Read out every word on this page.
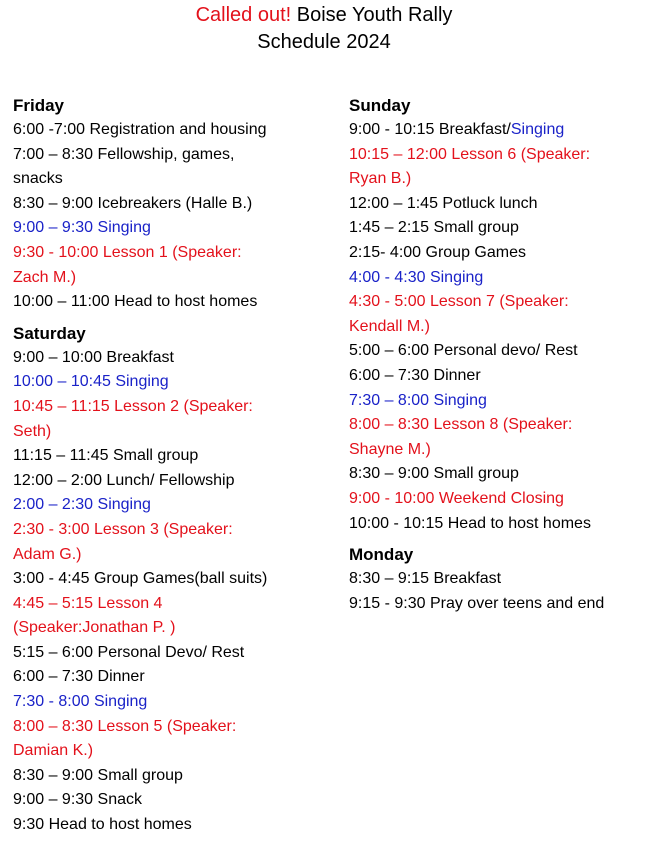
Called out! Boise Youth Rally
Schedule 2024
Friday
6:00 -7:00 Registration and housing
7:00 – 8:30 Fellowship, games,
snacks
8:30 – 9:00 Icebreakers (Halle B.)
9:00 – 9:30 Singing
9:30 - 10:00 Lesson 1 (Speaker:
Zach M.)
10:00 – 11:00 Head to host homes
Saturday
9:00 – 10:00 Breakfast
10:00 – 10:45 Singing
10:45 – 11:15 Lesson 2 (Speaker:
Seth)
11:15 – 11:45 Small group
12:00 – 2:00 Lunch/ Fellowship
2:00 – 2:30 Singing
2:30 - 3:00 Lesson 3 (Speaker:
Adam G.)
3:00 - 4:45 Group Games(ball suits)
4:45 – 5:15 Lesson 4
(Speaker:Jonathan P. )
5:15 – 6:00 Personal Devo/ Rest
6:00 – 7:30 Dinner
7:30 - 8:00 Singing
8:00 – 8:30 Lesson 5 (Speaker:
Damian K.)
8:30 – 9:00 Small group
9:00 – 9:30 Snack
9:30 Head to host homes
Sunday
9:00 - 10:15 Breakfast/Singing
10:15 – 12:00 Lesson 6 (Speaker:
Ryan B.)
12:00 – 1:45 Potluck lunch
1:45 – 2:15 Small group
2:15- 4:00 Group Games
4:00 - 4:30 Singing
4:30 - 5:00 Lesson 7 (Speaker:
Kendall M.)
5:00 – 6:00 Personal devo/ Rest
6:00 – 7:30 Dinner
7:30 – 8:00 Singing
8:00 – 8:30 Lesson 8 (Speaker:
Shayne M.)
8:30 – 9:00 Small group
9:00 - 10:00 Weekend Closing
10:00 - 10:15 Head to host homes
Monday
8:30 – 9:15 Breakfast
9:15 - 9:30 Pray over teens and end
